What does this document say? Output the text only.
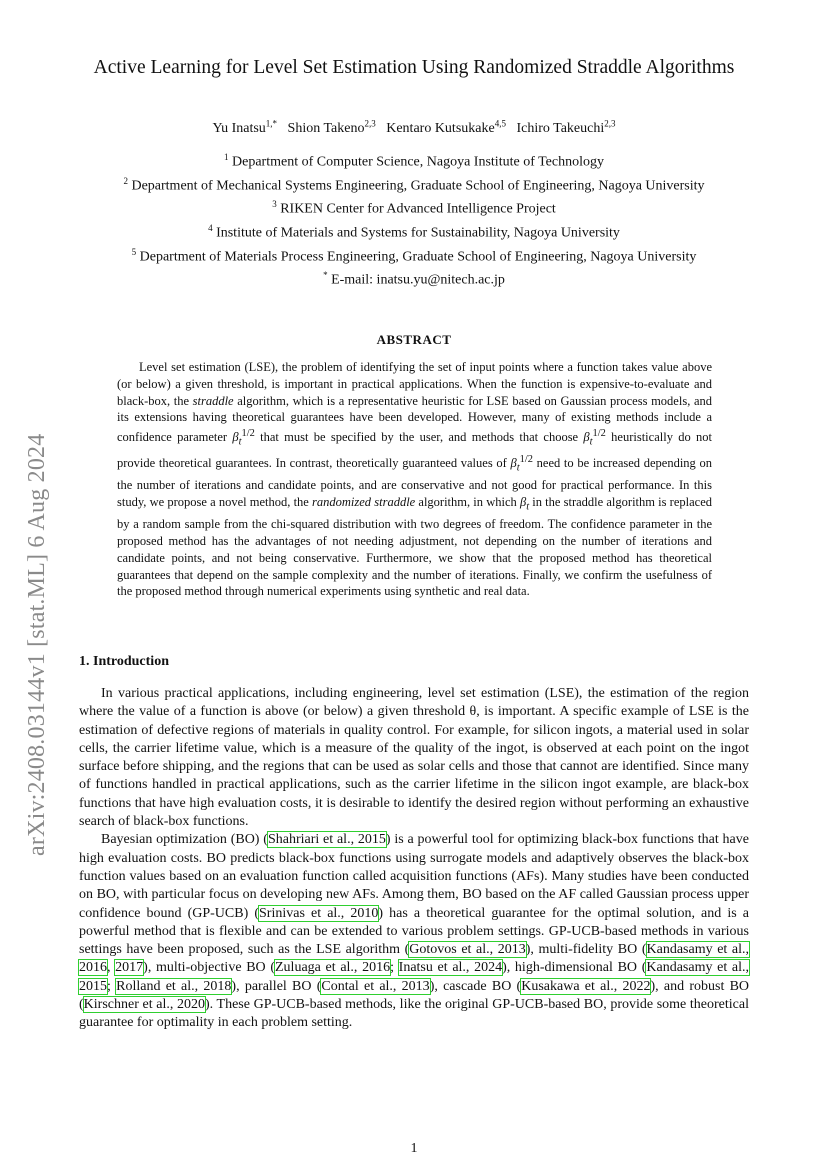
arXiv:2408.03144v1 [stat.ML] 6 Aug 2024
Active Learning for Level Set Estimation Using Randomized Straddle Algorithms
Yu Inatsu$^{1,*}$ Shion Takeno$^{2,3}$ Kentaro Kutsukake$^{4,5}$ Ichiro Takeuchi$^{2,3}$
$^1$ Department of Computer Science, Nagoya Institute of Technology
$^2$ Department of Mechanical Systems Engineering, Graduate School of Engineering, Nagoya University
$^3$ RIKEN Center for Advanced Intelligence Project
$^4$ Institute of Materials and Systems for Sustainability, Nagoya University
$^5$ Department of Materials Process Engineering, Graduate School of Engineering, Nagoya University
* E-mail: inatsu.yu@nitech.ac.jp
ABSTRACT

Level set estimation (LSE), the problem of identifying the set of input points where a function takes value above (or below) a given threshold, is important in practical applications. When the function is expensive-to-evaluate and black-box, the straddle algorithm, which is a representative heuristic for LSE based on Gaussian process models, and its extensions having theoretical guarantees have been developed. However, many of existing methods include a confidence parameter $\beta_t^{1/2}$ that must be specified by the user, and methods that choose $\beta_t^{1/2}$ heuristically do not provide theoretical guarantees. In contrast, theoretically guaranteed values of $\beta_t^{1/2}$ need to be increased depending on the number of iterations and candidate points, and are conservative and not good for practical performance. In this study, we propose a novel method, the randomized straddle algorithm, in which $\beta_t$ in the straddle algorithm is replaced by a random sample from the chi-squared distribution with two degrees of freedom. The confidence parameter in the proposed method has the advantages of not needing adjustment, not depending on the number of iterations and candidate points, and not being conservative. Furthermore, we show that the proposed method has theoretical guarantees that depend on the sample complexity and the number of iterations. Finally, we confirm the usefulness of the proposed method through numerical experiments using synthetic and real data.

1. Introduction

In various practical applications, including engineering, level set estimation (LSE), the estimation of the region where the value of a function is above (or below) a given threshold θ, is important. A specific example of LSE is the estimation of defective regions of materials in quality control. For example, for silicon ingots, a material used in solar cells, the carrier lifetime value, which is a measure of the quality of the ingot, is observed at each point on the ingot surface before shipping, and the regions that can be used as solar cells and those that cannot are identified. Since many of functions handled in practical applications, such as the carrier lifetime in the silicon ingot example, are black-box functions that have high evaluation costs, it is desirable to identify the desired region without performing an exhaustive search of black-box functions.

Bayesian optimization (BO) (Shahriari et al., 2015) is a powerful tool for optimizing black-box functions that have high evaluation costs. BO predicts black-box functions using surrogate models and adaptively observes the black-box function values based on an evaluation function called acquisition functions (AFs). Many studies have been conducted on BO, with particular focus on developing new AFs. Among them, BO based on the AF called Gaussian process upper confidence bound (GP-UCB) (Srinivas et al., 2010) has a theoretical guarantee for the optimal solution, and is a powerful method that is flexible and can be extended to various problem settings. GP-UCB-based methods in various settings have been proposed, such as the LSE algorithm (Gotovos et al., 2013), multi-fidelity BO (Kandasamy et al., 2016, 2017), multi-objective BO (Zuluaga et al., 2016; Inatsu et al., 2024), high-dimensional BO (Kandasamy et al., 2015; Rolland et al., 2018), parallel BO (Contal et al., 2013), cascade BO (Kusakawa et al., 2022), and robust BO (Kirschner et al., 2020). These GP-UCB-based methods, like the original GP-UCB-based BO, provide some theoretical guarantee for optimality in each problem setting.

1
